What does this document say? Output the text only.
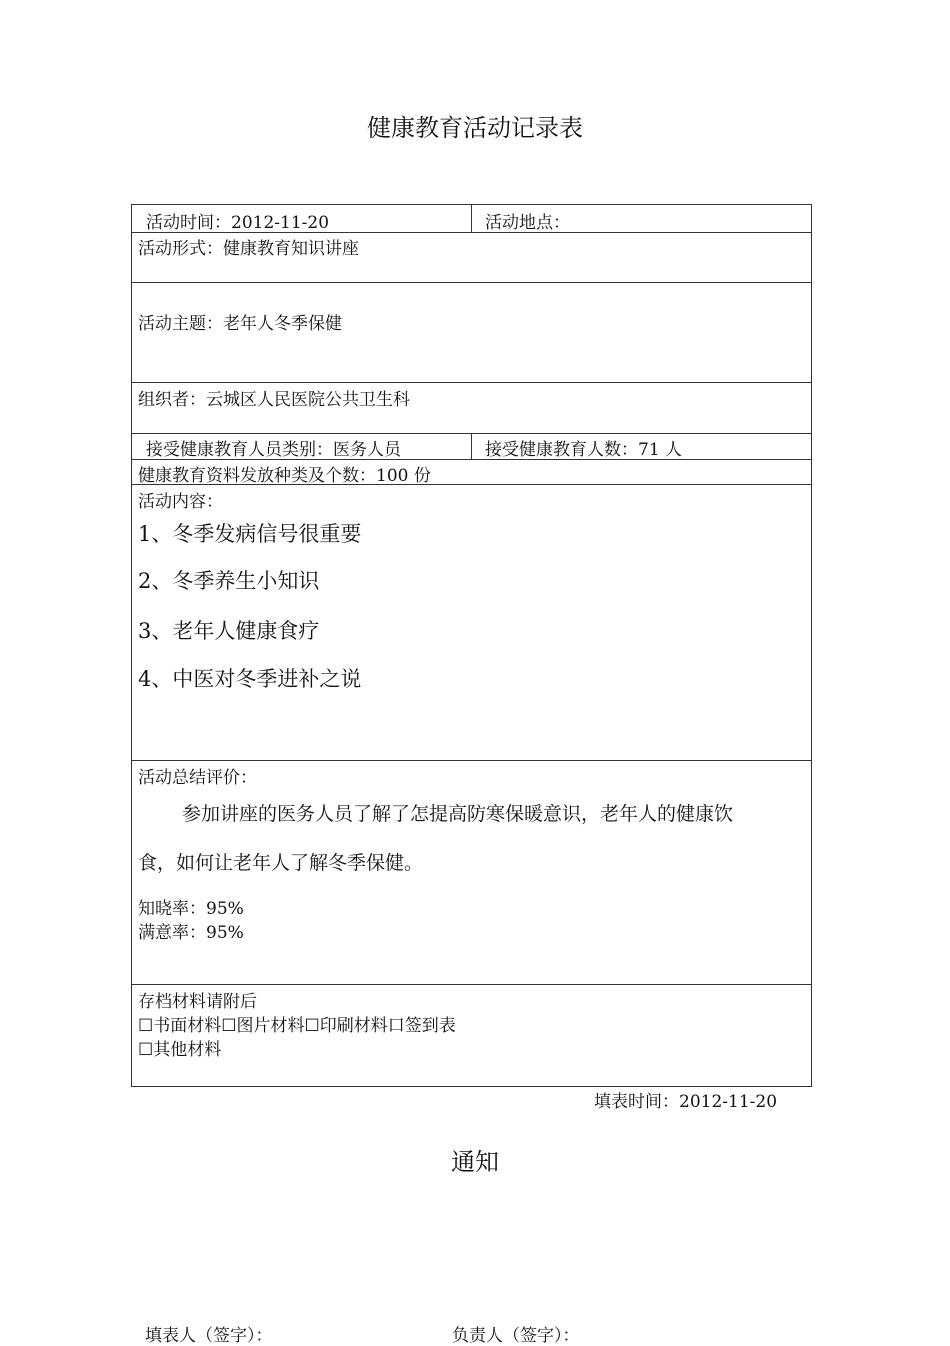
健康教育活动记录表
活动时间：2012-11-20	活动地点：
活动形式：健康教育知识讲座
活动主题：老年人冬季保健
组织者：云城区人民医院公共卫生科
接受健康教育人员类别：医务人员	接受健康教育人数：71 人
健康教育资料发放种类及个数：100 份
活动内容：
1、冬季发病信号很重要
2、冬季养生小知识
3、老年人健康食疗
4、中医对冬季进补之说
活动总结评价：
参加讲座的医务人员了解了怎提高防寒保暖意识，老年人的健康饮
食，如何让老年人了解冬季保健。
知晓率：95%
满意率：95%
存档材料请附后
☐书面材料☐图片材料☐印刷材料口签到表
☐其他材料
填表时间：2012-11-20
通知
填表人（签字）：	负责人（签字）：
